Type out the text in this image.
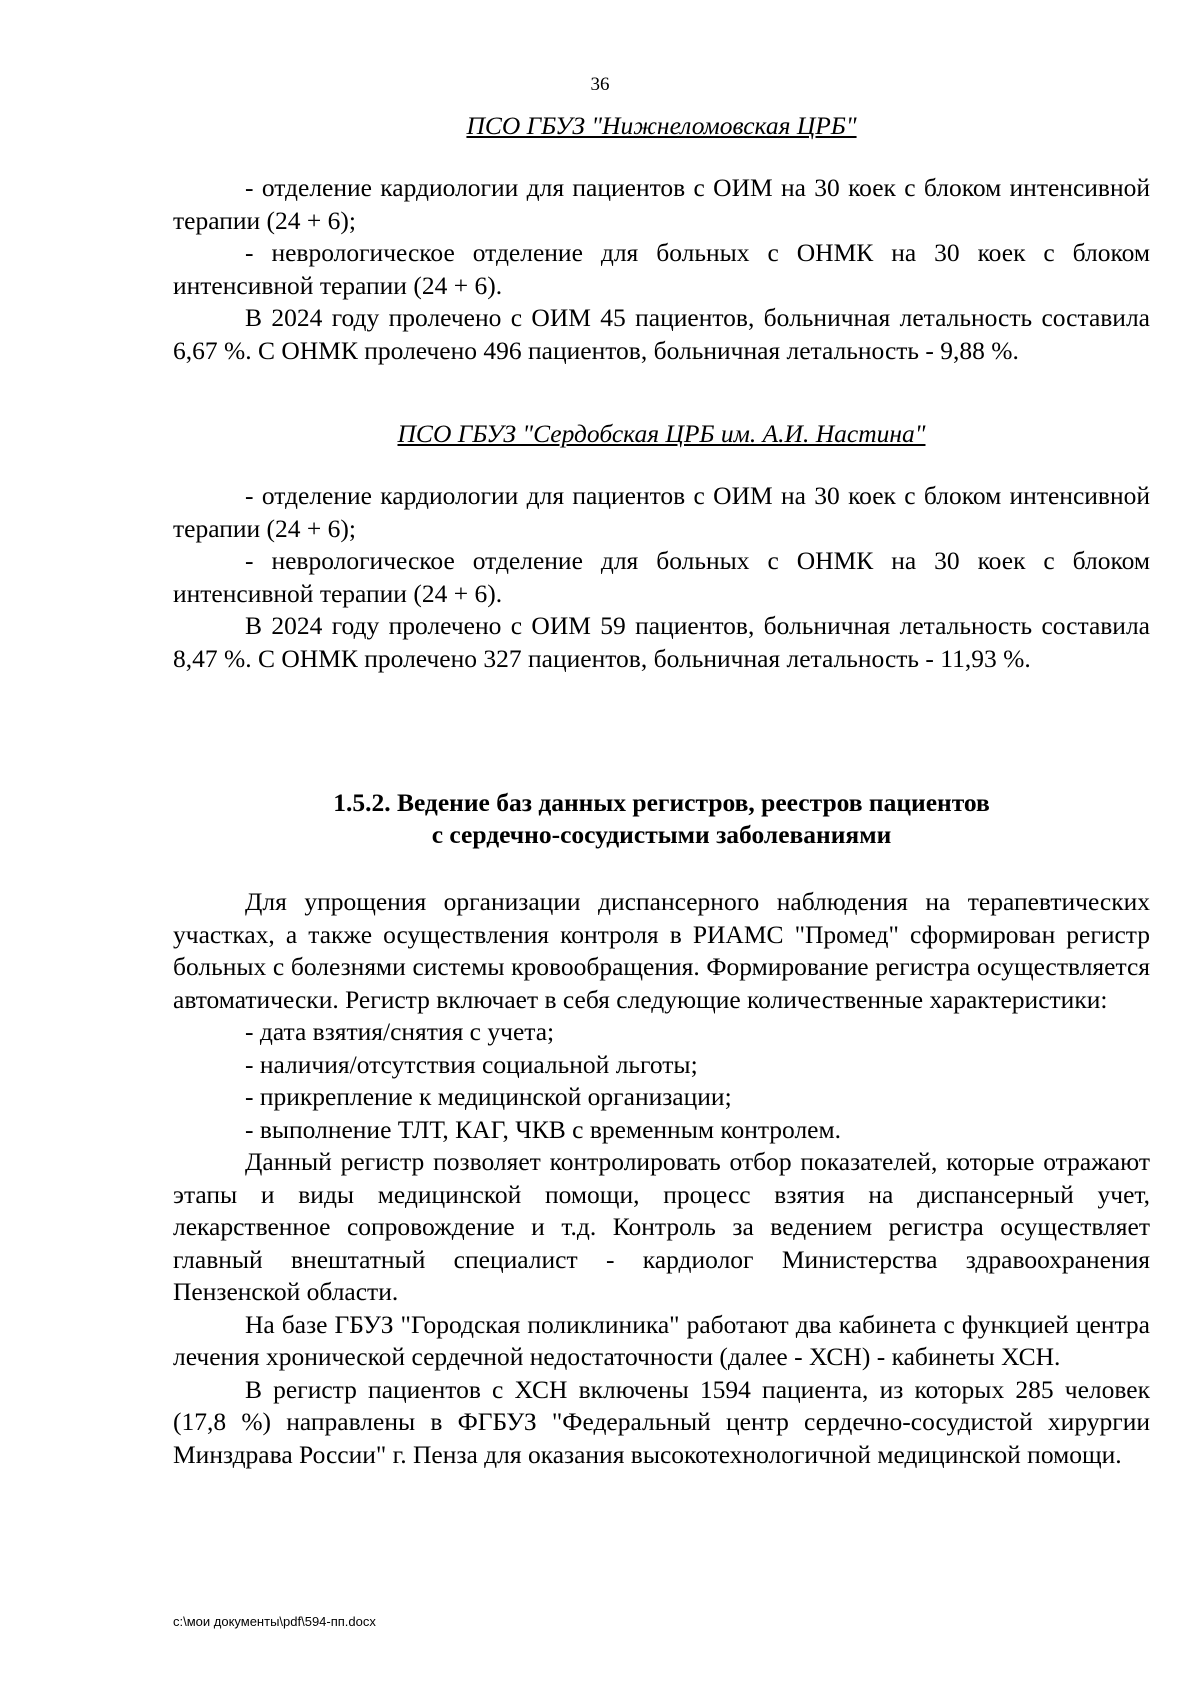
36

ПСО ГБУЗ "Нижнеломовская ЦРБ"

- отделение кардиологии для пациентов с ОИМ на 30 коек с блоком интенсивной терапии (24 + 6);

- неврологическое отделение для больных с ОНМК на 30 коек с блоком интенсивной терапии (24 + 6).

В 2024 году пролечено с ОИМ 45 пациентов, больничная летальность составила 6,67 %. С ОНМК пролечено 496 пациентов, больничная летальность - 9,88 %.

ПСО ГБУЗ "Сердобская ЦРБ им. А.И. Настина"

- отделение кардиологии для пациентов с ОИМ на 30 коек с блоком интенсивной терапии (24 + 6);

- неврологическое отделение для больных с ОНМК на 30 коек с блоком интенсивной терапии (24 + 6).

В 2024 году пролечено с ОИМ 59 пациентов, больничная летальность составила 8,47 %. С ОНМК пролечено 327 пациентов, больничная летальность - 11,93 %.

1.5.2. Ведение баз данных регистров, реестров пациентов
с сердечно-сосудистыми заболеваниями

Для упрощения организации диспансерного наблюдения на терапевтических участках, а также осуществления контроля в РИАМС "Промед" сформирован регистр больных с болезнями системы кровообращения. Формирование регистра осуществляется автоматически. Регистр включает в себя следующие количественные характеристики:

- дата взятия/снятия с учета;

- наличия/отсутствия социальной льготы;

- прикрепление к медицинской организации;

- выполнение ТЛТ, КАГ, ЧКВ с временным контролем.

Данный регистр позволяет контролировать отбор показателей, которые отражают этапы и виды медицинской помощи, процесс взятия на диспансерный учет, лекарственное сопровождение и т.д. Контроль за ведением регистра осуществляет главный внештатный специалист - кардиолог Министерства здравоохранения Пензенской области.

На базе ГБУЗ "Городская поликлиника" работают два кабинета с функцией центра лечения хронической сердечной недостаточности (далее - ХСН) - кабинеты ХСН.

В регистр пациентов с ХСН включены 1594 пациента, из которых 285 человек (17,8 %) направлены в ФГБУЗ "Федеральный центр сердечно-сосудистой хирургии Минздрава России" г. Пенза для оказания высокотехнологичной медицинской помощи.

c:\мои документы\pdf\594-пп.docx
